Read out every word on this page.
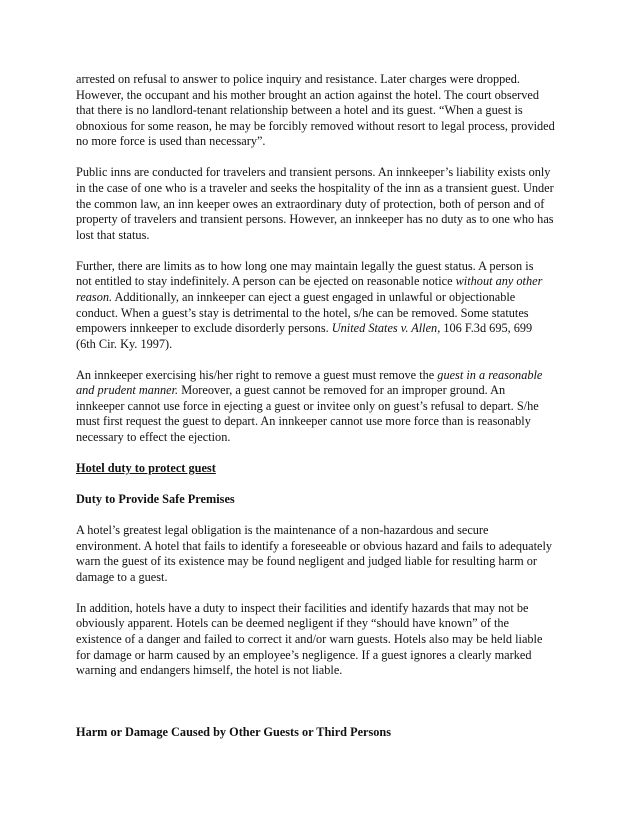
arrested on refusal to answer to police inquiry and resistance. Later charges were dropped.
However, the occupant and his mother brought an action against the hotel. The court observed
that there is no landlord-tenant relationship between a hotel and its guest. “When a guest is
obnoxious for some reason, he may be forcibly removed without resort to legal process, provided
no more force is used than necessary”.

Public inns are conducted for travelers and transient persons. An innkeeper’s liability exists only
in the case of one who is a traveler and seeks the hospitality of the inn as a transient guest. Under
the common law, an inn keeper owes an extraordinary duty of protection, both of person and of
property of travelers and transient persons. However, an innkeeper has no duty as to one who has
lost that status.

Further, there are limits as to how long one may maintain legally the guest status. A person is
not entitled to stay indefinitely. A person can be ejected on reasonable notice without any other
reason. Additionally, an innkeeper can eject a guest engaged in unlawful or objectionable
conduct. When a guest’s stay is detrimental to the hotel, s/he can be removed. Some statutes
empowers innkeeper to exclude disorderly persons. United States v. Allen, 106 F.3d 695, 699
(6th Cir. Ky. 1997).

An innkeeper exercising his/her right to remove a guest must remove the guest in a reasonable
and prudent manner. Moreover, a guest cannot be removed for an improper ground. An
innkeeper cannot use force in ejecting a guest or invitee only on guest’s refusal to depart. S/he
must first request the guest to depart. An innkeeper cannot use more force than is reasonably
necessary to effect the ejection.

Hotel duty to protect guest

Duty to Provide Safe Premises

A hotel’s greatest legal obligation is the maintenance of a non-hazardous and secure
environment. A hotel that fails to identify a foreseeable or obvious hazard and fails to adequately
warn the guest of its existence may be found negligent and judged liable for resulting harm or
damage to a guest.

In addition, hotels have a duty to inspect their facilities and identify hazards that may not be
obviously apparent. Hotels can be deemed negligent if they “should have known” of the
existence of a danger and failed to correct it and/or warn guests. Hotels also may be held liable
for damage or harm caused by an employee’s negligence. If a guest ignores a clearly marked
warning and endangers himself, the hotel is not liable.

Harm or Damage Caused by Other Guests or Third Persons
